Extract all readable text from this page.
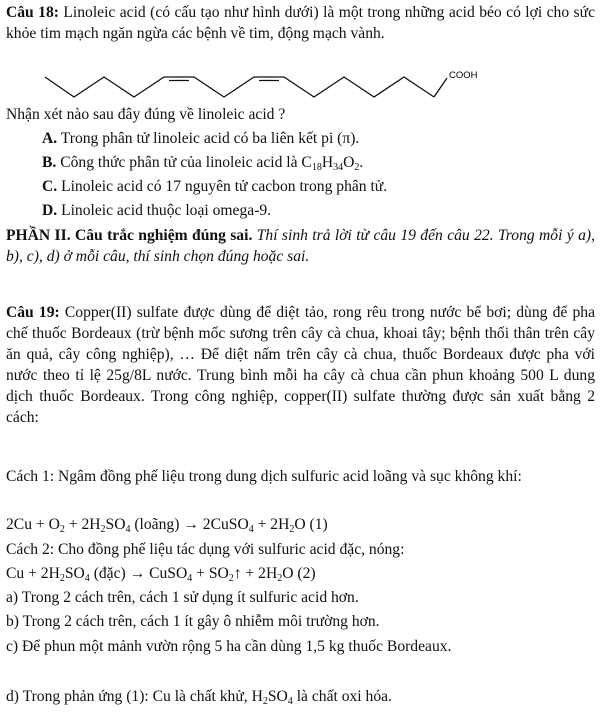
Câu 18: Linoleic acid (có cấu tạo như hình dưới) là một trong những acid béo có lợi cho sức khỏe tim mạch ngăn ngừa các bệnh về tim, động mạch vành.

COOH

Nhận xét nào sau đây đúng về linoleic acid ?

A. Trong phân tử linoleic acid có ba liên kết pi (π).

B. Công thức phân tử của linoleic acid là $C_{18}H_{34}O_2$.

C. Linoleic acid có 17 nguyên tử cacbon trong phân tử.

D. Linoleic acid thuộc loại omega-9.

PHẦN II. Câu trắc nghiệm đúng sai. Thí sinh trả lời từ câu 19 đến câu 22. Trong mỗi ý a), b), c), d) ở mỗi câu, thí sinh chọn đúng hoặc sai.

Câu 19: Copper(II) sulfate được dùng để diệt tảo, rong rêu trong nước bể bơi; dùng để pha chế thuốc Bordeaux (trừ bệnh mốc sương trên cây cà chua, khoai tây; bệnh thối thân trên cây ăn quả, cây công nghiệp), … Để diệt nấm trên cây cà chua, thuốc Bordeaux được pha với nước theo tỉ lệ 25g/8L nước. Trung bình mỗi ha cây cà chua cần phun khoảng 500 L dung dịch thuốc Bordeaux. Trong công nghiệp, copper(II) sulfate thường được sản xuất bằng 2 cách:

Cách 1: Ngâm đồng phế liệu trong dung dịch sulfuric acid loãng và sục không khí:

$2Cu + O_2 + 2H_2SO_4$ (loãng) → 2CuSO$_4$ + $2H_2O$ (1)

Cách 2: Cho đồng phế liệu tác dụng với sulfuric acid đặc, nóng:

$Cu + 2H_2SO_4$ (đặc) → CuSO$_4$ + $SO_2↑ + 2H_2O$ (2)

a) Trong 2 cách trên, cách 1 sử dụng ít sulfuric acid hơn.

b) Trong 2 cách trên, cách 1 ít gây ô nhiễm môi trường hơn.

c) Để phun một mảnh vườn rộng 5 ha cần dùng 1,5 kg thuốc Bordeaux.

d) Trong phản ứng (1): Cu là chất khử, $H_2SO_4$ là chất oxi hóa.
